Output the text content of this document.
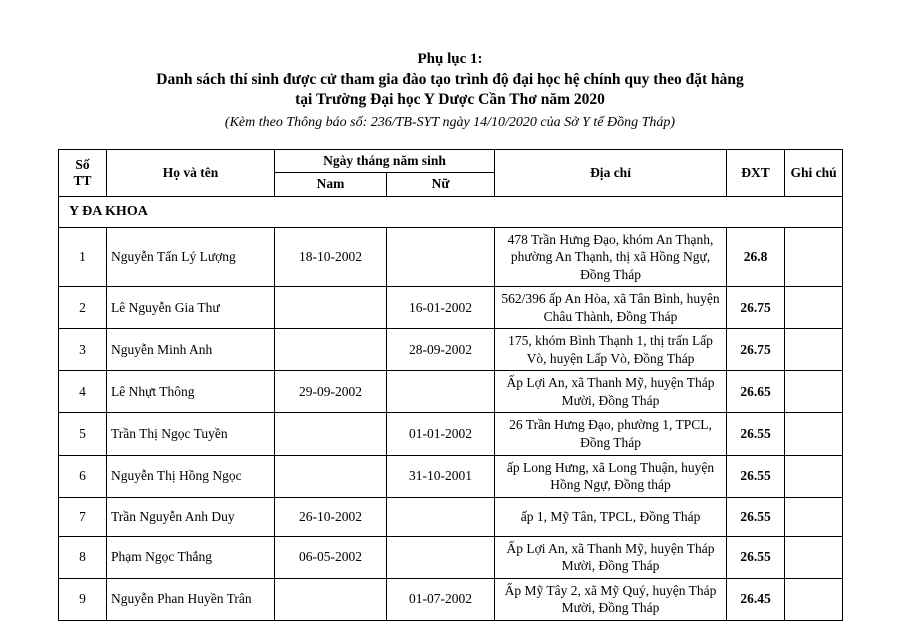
Phụ lục 1:
Danh sách thí sinh được cử tham gia đào tạo trình độ đại học hệ chính quy theo đặt hàng
tại Trường Đại học Y Dược Cần Thơ năm 2020
(Kèm theo Thông báo số: 236/TB-SYT ngày 14/10/2020 của Sở Y tế Đồng Tháp)
Số
TT	Họ và tên	Ngày tháng năm sinh		Địa chỉ	ĐXT	Ghi chú
		Nam	Nữ			
Y ĐA KHOA						
1	Nguyễn Tấn Lý Lượng	18-10-2002		478 Trần Hưng Đạo, khóm An Thạnh, phường An Thạnh, thị xã Hồng Ngự, Đồng Tháp	26.8	
2	Lê Nguyễn Gia Thư		16-01-2002	562/396 ấp An Hòa, xã Tân Bình, huyện Châu Thành, Đồng Tháp	26.75	
3	Nguyễn Minh Anh		28-09-2002	175, khóm Bình Thạnh 1, thị trấn Lấp Vò, huyện Lấp Vò, Đồng Tháp	26.75	
4	Lê Nhựt Thông	29-09-2002		Ấp Lợi An, xã Thanh Mỹ, huyện Tháp Mười, Đồng Tháp	26.65	
5	Trần Thị Ngọc Tuyền		01-01-2002	26 Trần Hưng Đạo, phường 1, TPCL, Đồng Tháp	26.55	
6	Nguyễn Thị Hồng Ngọc		31-10-2001	ấp Long Hưng, xã Long Thuận, huyện Hồng Ngự, Đồng tháp	26.55	
7	Trần Nguyễn Anh Duy	26-10-2002		ấp 1, Mỹ Tân, TPCL, Đồng Tháp	26.55	
8	Phạm Ngọc Thắng	06-05-2002		Ấp Lợi An, xã Thanh Mỹ, huyện Tháp Mười, Đồng Tháp	26.55	
9	Nguyễn Phan Huyền Trân		01-07-2002	Ấp Mỹ Tây 2, xã Mỹ Quý, huyện Tháp Mười, Đồng Tháp	26.45	
